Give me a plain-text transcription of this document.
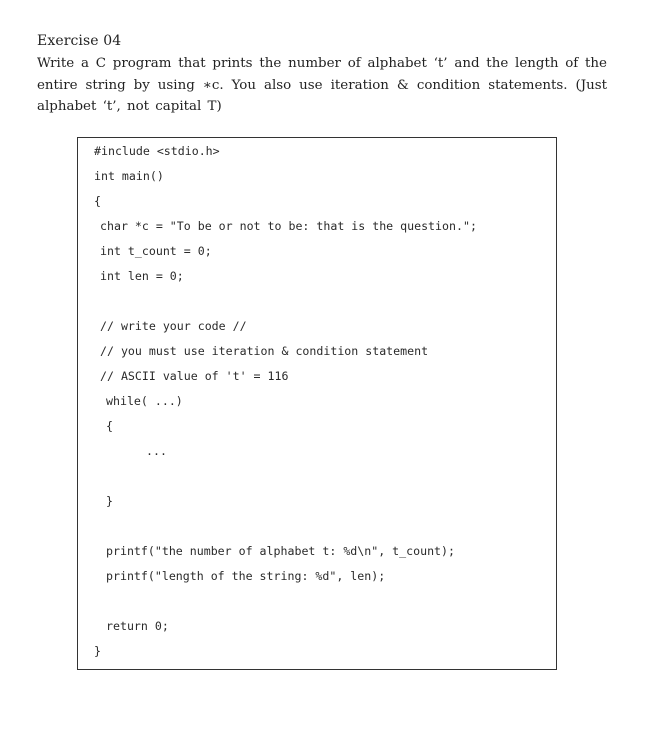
Exercise 04
Write a C program that prints the number of alphabet ‘t’ and the length of the entire string by using ∗c. You also use iteration & condition statements. (Just alphabet ‘t’, not capital T)
#include <stdio.h>
int main()
{
char *c = "To be or not to be: that is the question.";
int t_count = 0;
int len = 0;
// write your code //
// you must use iteration & condition statement
// ASCII value of 't' = 116
while( ...)
{
...
}
printf("the number of alphabet t: %d\n", t_count);
printf("length of the string: %d", len);
return 0;
}
